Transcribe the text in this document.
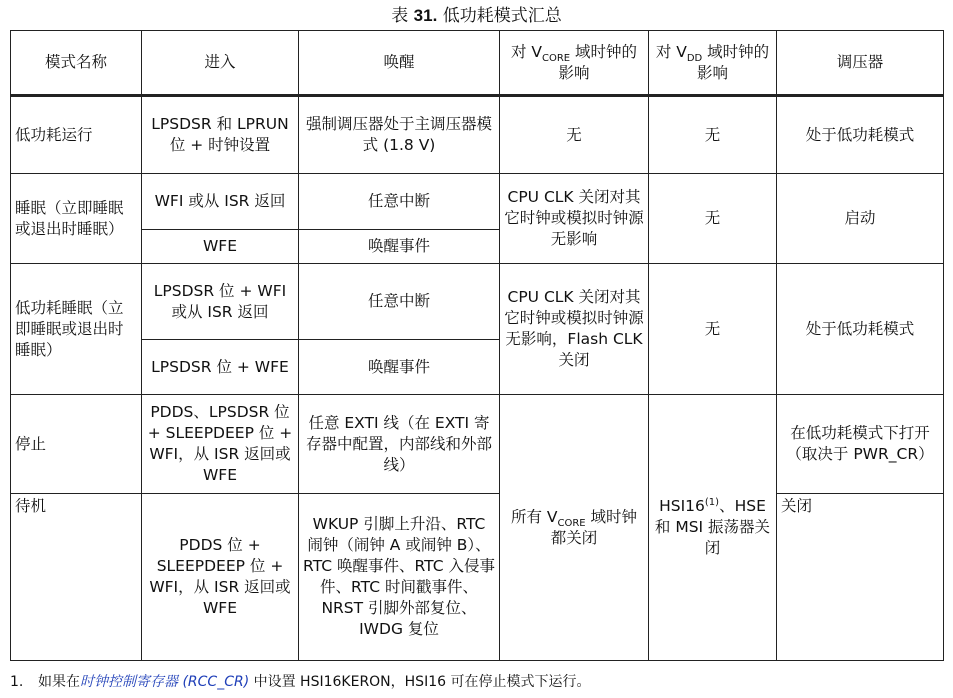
表 31. 低功耗模式汇总
模式名称	进入	唤醒	对 $V_{CORE}$ 域时钟的影响	对 $V_{DD}$ 域时钟的影响	调压器
低功耗运行	LPSDSR 和 LPRUN 位 + 时钟设置	强制调压器处于主调压器模式 (1.8 V)	无	无	处于低功耗模式
睡眠（立即睡眠或退出时睡眠）	WFI 或从 ISR 返回	任意中断	CPU CLK 关闭对其它时钟或模拟时钟源无影响	无	启动
	WFE	唤醒事件			
低功耗睡眠（立即睡眠或退出时睡眠）	LPSDSR 位 + WFI 或从 ISR 返回	任意中断	CPU CLK 关闭对其它时钟或模拟时钟源无影响，Flash CLK 关闭	无	处于低功耗模式
	LPSDSR 位 + WFE	唤醒事件			
停止	PDDS、LPSDSR 位 + SLEEPDEEP 位 + WFI，从 ISR 返回或 WFE	任意 EXTI 线（在 EXTI 寄存器中配置，内部线和外部线）	所有 $V_{CORE}$ 域时钟都关闭	HSI16$^{(1)}$、HSE 和 MSI 振荡器关闭	在低功耗模式下打开（取决于 PWR_CR）
待机	PDDS 位 + SLEEPDEEP 位 + WFI，从 ISR 返回或 WFE	WKUP 引脚上升沿、RTC 闹钟（闹钟 A 或闹钟 B）、RTC 唤醒事件、RTC 入侵事件、RTC 时间戳事件、NRST 引脚外部复位、IWDG 复位			关闭
1. 如果在时钟控制寄存器 (RCC_CR) 中设置 HSI16KERON，HSI16 可在停止模式下运行。
